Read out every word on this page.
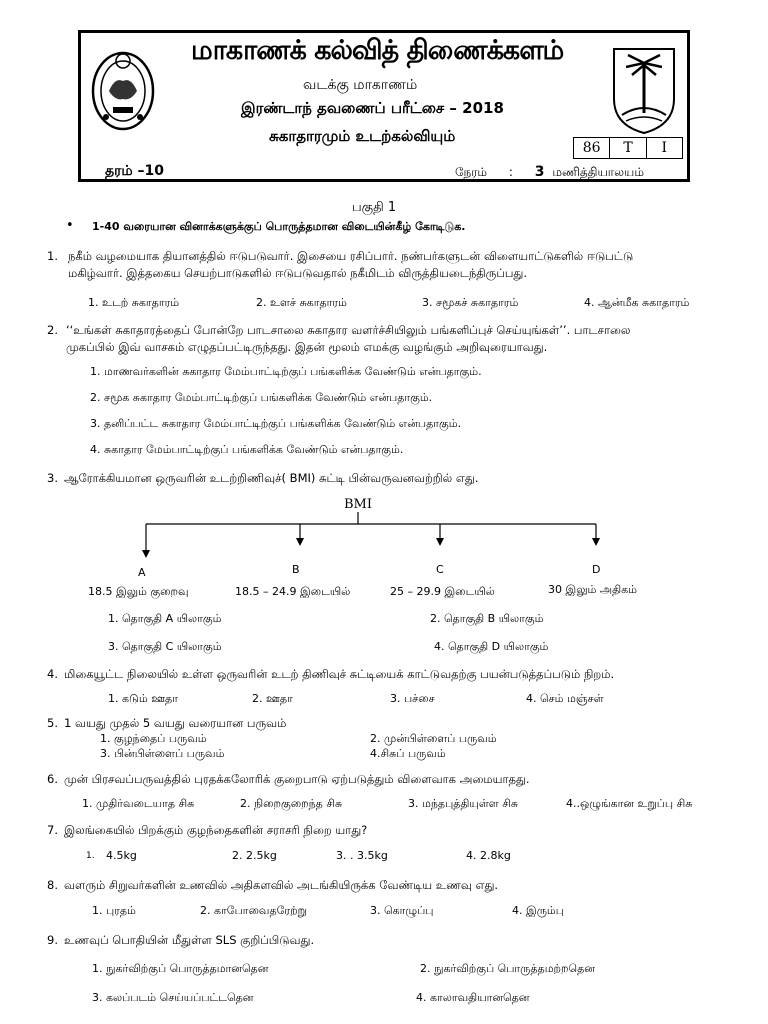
மாகாணக் கல்வித் திணைக்களம்
வடக்கு மாகாணம்
இரண்டாந் தவணைப் பரீட்சை – 2018
சுகாதாரமும் உடற்கல்வியும்
86	T	I
தரம் –10	நேரம் : 3 மணித்தியாலயம்
பகுதி 1
• 1-40 வரையான வினாக்களுக்குப் பொருத்தமான விடையின்கீழ் கோடிடுக.
1. நகீம் வழமையாக தியானத்தில் ஈடுபடுவார். இசையை ரசிப்பார். நண்பர்களுடன் விளையாட்டுகளில் ஈடுபட்டு
மகிழ்வார். இத்தகைய செயற்பாடுகளில் ஈடுபடுவதால் நகீமிடம் விருத்தியடைந்திருப்பது.
1. உடற் சுகாதாரம்	2. உளச் சுகாதாரம்	3. சமூகச் சுகாதாரம்	4. ஆன்மீக சுகாதாரம்
2. ‘‘உங்கள் சுகாதாரத்தைப் போன்றே பாடசாலை சுகாதார வளர்ச்சியிலும் பங்களிப்புச் செய்யுங்கள்’’. பாடசாலை
முகப்பில் இவ் வாசகம் எழுதப்பட்டிருந்தது. இதன் மூலம் எமக்கு வழங்கும் அறிவுரையாவது.
1. மாணவர்களின் சுகாதார மேம்பாட்டிற்குப் பங்களிக்க வேண்டும் என்பதாகும்.
2. சமூக சுகாதார மேம்பாட்டிற்குப் பங்களிக்க வேண்டும் என்பதாகும்.
3. தனிப்பட்ட சுகாதார மேம்பாட்டிற்குப் பங்களிக்க வேண்டும் என்பதாகும்.
4. சுகாதார மேம்பாட்டிற்குப் பங்களிக்க வேண்டும் என்பதாகும்.
3. ஆரோக்கியமான ஒருவரின் உடற்றிணிவுச்( BMI) சுட்டி பின்வருவனவற்றில் எது.
BMI
A	B	C	D
18.5 இலும் குறைவு	18.5 – 24.9 இடையில்	25 – 29.9 இடையில்	30 இலும் அதிகம்
1. தொகுதி A யிலாகும்	2. தொகுதி B யிலாகும்
3. தொகுதி C யிலாகும்	4. தொகுதி D யிலாகும்
4. மிகையூட்ட நிலையில் உள்ள ஒருவரின் உடற் திணிவுச் சுட்டியைக் காட்டுவதற்கு பயன்படுத்தப்படும் நிறம்.
1. கடும் ஊதா	2. ஊதா	3. பச்சை	4. செம் மஞ்சள்
5. 1 வயது முதல் 5 வயது வரையான பருவம்
1. குழந்தைப் பருவம்	2. முன்பிள்ளைப் பருவம்
3. பின்பிள்ளைப் பருவம்	4.சிசுப் பருவம்
6. முன் பிரசவப்பருவத்தில் புரதக்கலோரிக் குறைபாடு ஏற்படுத்தும் விளைவாக அமையாதது.
1. முதிர்வடையாத சிசு	2. நிறைகுறைந்த சிசு	3. மந்தபுத்தியுள்ள சிசு	4..ஒழுங்கான உறுப்பு சிசு
7. இலங்கையில் பிறக்கும் குழந்தைகளின் சராசரி நிறை யாது?
1. 4.5kg	2. 2.5kg	3. . 3.5kg	4. 2.8kg
8. வளரும் சிறுவர்களின் உணவில் அதிகளவில் அடங்கியிருக்க வேண்டிய உணவு எது.
1. புரதம்	2. காபோவைதரேற்று	3. கொழுப்பு	4. இரும்பு
9. உணவுப் பொதியின் மீதுள்ள SLS குறிப்பிடுவது.
1. நுகர்விற்குப் பொருத்தமானதென	2. நுகர்விற்குப் பொருத்தமற்றதென
3. கலப்படம் செய்யப்பட்டதென	4. காலாவதியானதென
